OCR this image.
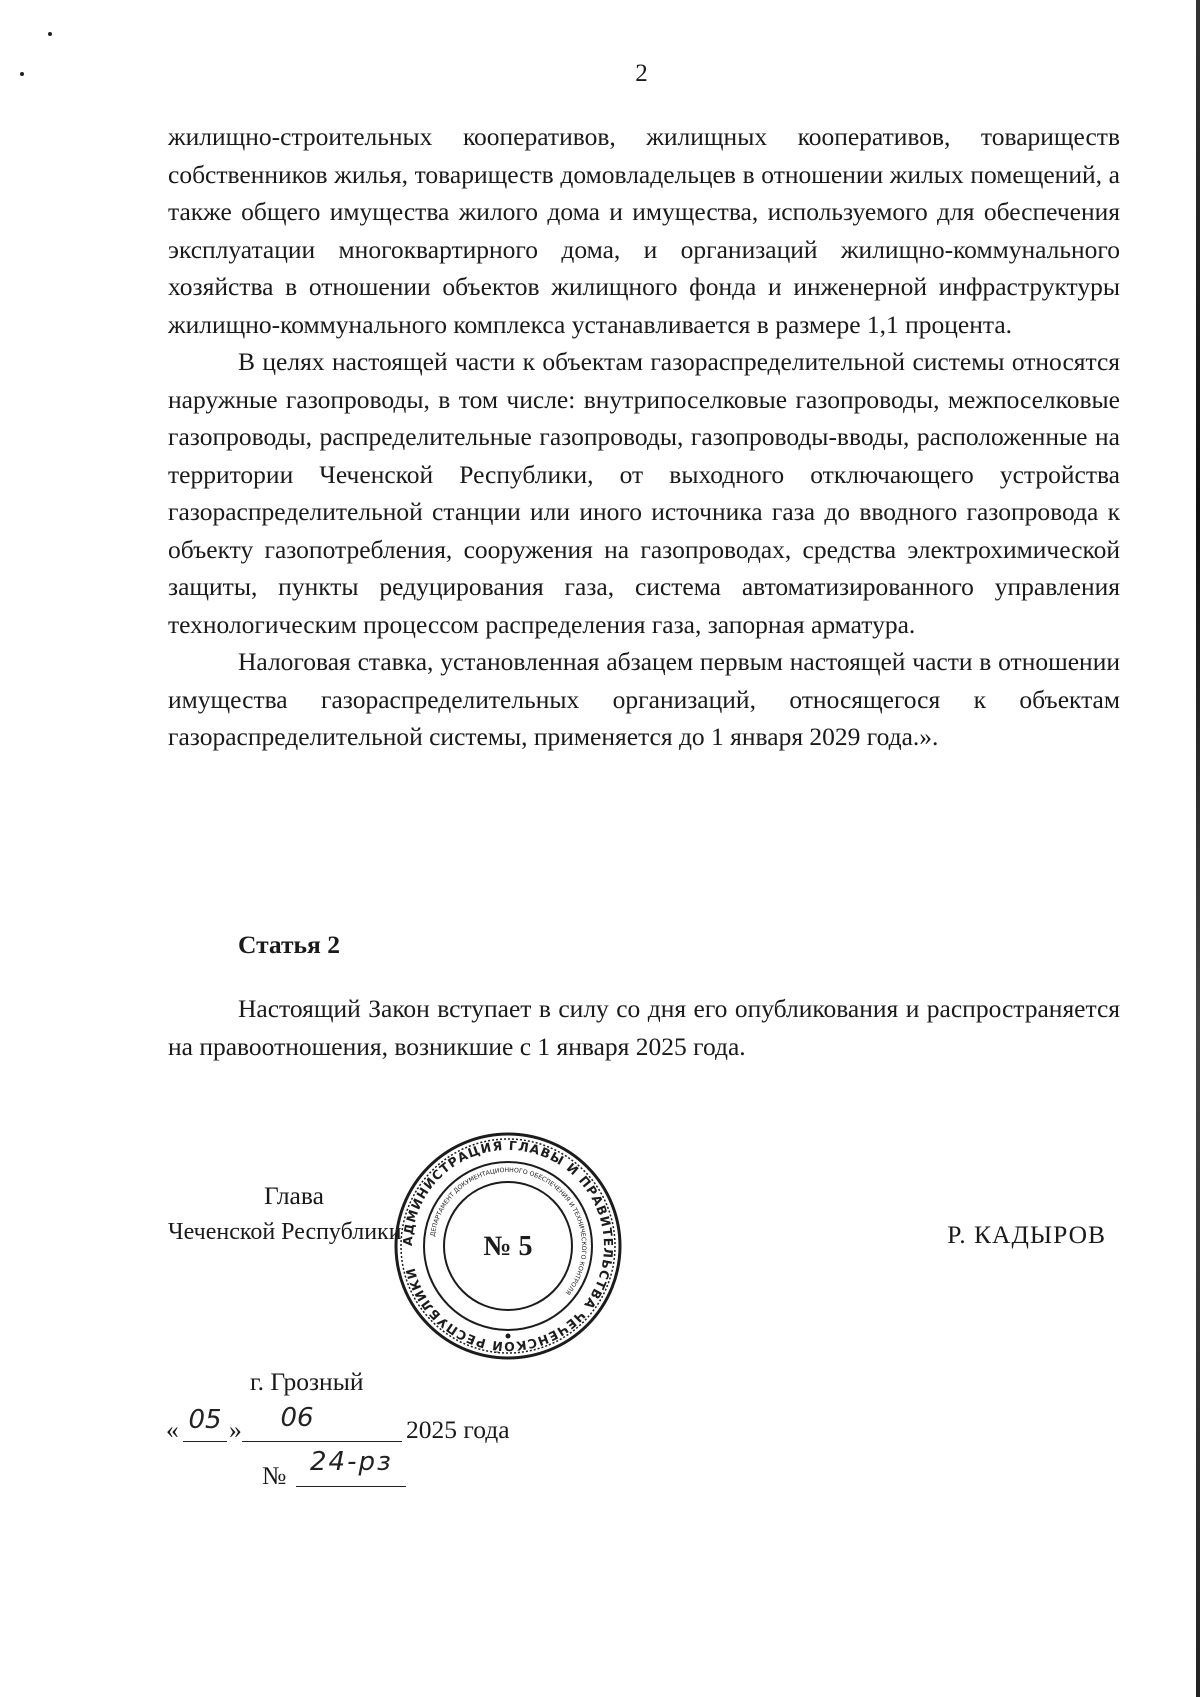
2

жилищно-строительных кооперативов, жилищных кооперативов, товариществ собственников жилья, товариществ домовладельцев в отношении жилых помещений, а также общего имущества жилого дома и имущества, используемого для обеспечения эксплуатации многоквартирного дома, и организаций жилищно-коммунального хозяйства в отношении объектов жилищного фонда и инженерной инфраструктуры жилищно-коммунального комплекса устанавливается в размере 1,1 процента.

В целях настоящей части к объектам газораспределительной системы относятся наружные газопроводы, в том числе: внутрипоселковые газопроводы, межпоселковые газопроводы, распределительные газопроводы, газопроводы-вводы, расположенные на территории Чеченской Республики, от выходного отключающего устройства газораспределительной станции или иного источника газа до вводного газопровода к объекту газопотребления, сооружения на газопроводах, средства электрохимической защиты, пункты редуцирования газа, система автоматизированного управления технологическим процессом распределения газа, запорная арматура.

Налоговая ставка, установленная абзацем первым настоящей части в отношении имущества газораспределительных организаций, относящегося к объектам газораспределительной системы, применяется до 1 января 2029 года.».

Статья 2
Настоящий Закон вступает в силу со дня его опубликования и распространяется на правоотношения, возникшие с 1 января 2025 года.
Глава
Чеченской Республики	Р. КАДЫРОВ
АДМИНИСТРАЦИЯ ГЛАВЫ И ПРАВИТЕЛЬСТВА ЧЕЧЕНСКОЙ РЕСПУБЛИКИ
ДЕПАРТАМЕНТ ДОКУМЕНТАЦИОННОГО ОБЕСПЕЧЕНИЯ И ТЕХНИЧЕСКОГО КОНТРОЛЯ
№ 5
г. Грозный
« 05 »	06	2025 года
№ 24-рз
